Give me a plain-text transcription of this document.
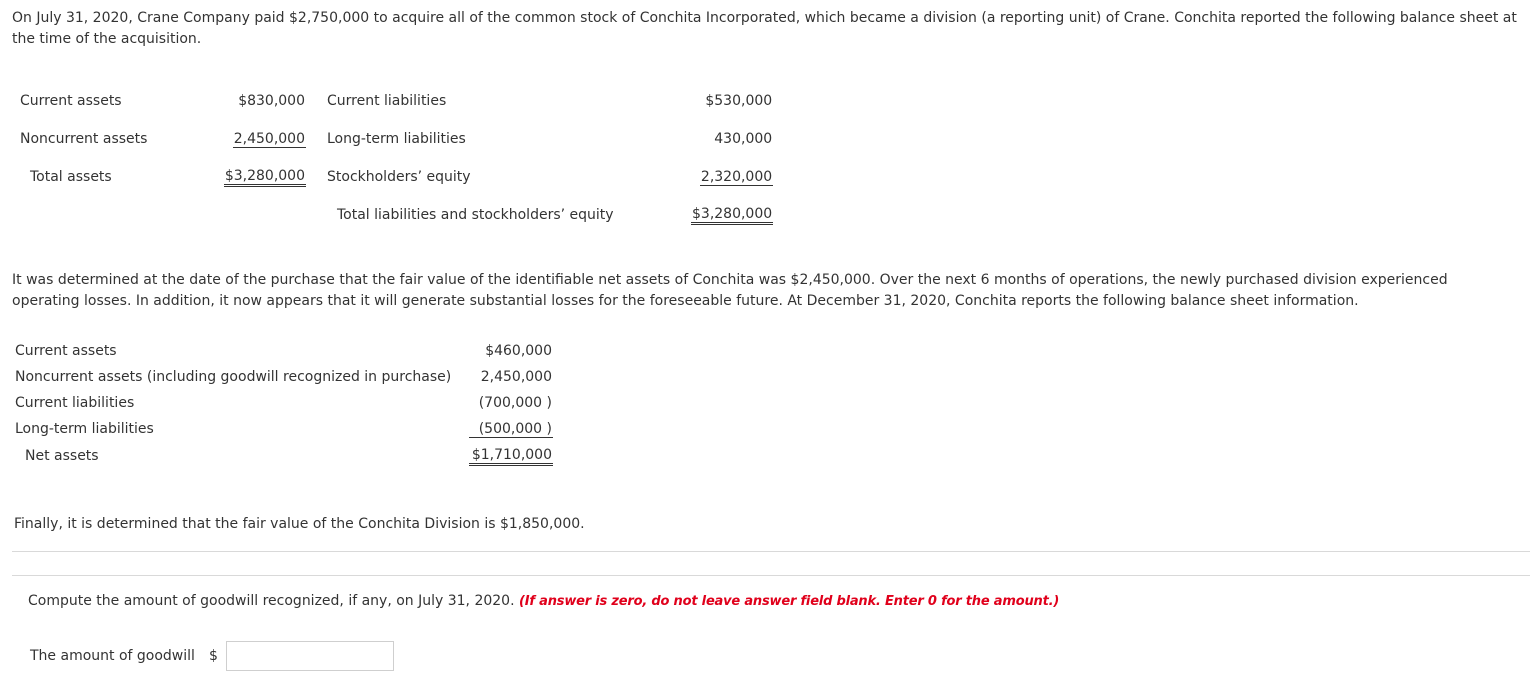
On July 31, 2020, Crane Company paid $2,750,000 to acquire all of the common stock of Conchita Incorporated, which became a division (a reporting unit) of Crane. Conchita reported the following balance sheet at the time of the acquisition.

Current assets	$830,000	Current liabilities	$530,000
Noncurrent assets	2,450,000	Long-term liabilities	430,000
Total assets	$3,280,000	Stockholders’ equity	2,320,000
		Total liabilities and stockholders’ equity	$3,280,000

It was determined at the date of the purchase that the fair value of the identifiable net assets of Conchita was $2,450,000. Over the next 6 months of operations, the newly purchased division experienced operating losses. In addition, it now appears that it will generate substantial losses for the foreseeable future. At December 31, 2020, Conchita reports the following balance sheet information.

Current assets	$460,000
Noncurrent assets (including goodwill recognized in purchase)	2,450,000
Current liabilities	(700,000 )
Long-term liabilities	(500,000 )
Net assets	$1,710,000

Finally, it is determined that the fair value of the Conchita Division is $1,850,000.

Compute the amount of goodwill recognized, if any, on July 31, 2020. (If answer is zero, do not leave answer field blank. Enter 0 for the amount.)
The amount of goodwill $
